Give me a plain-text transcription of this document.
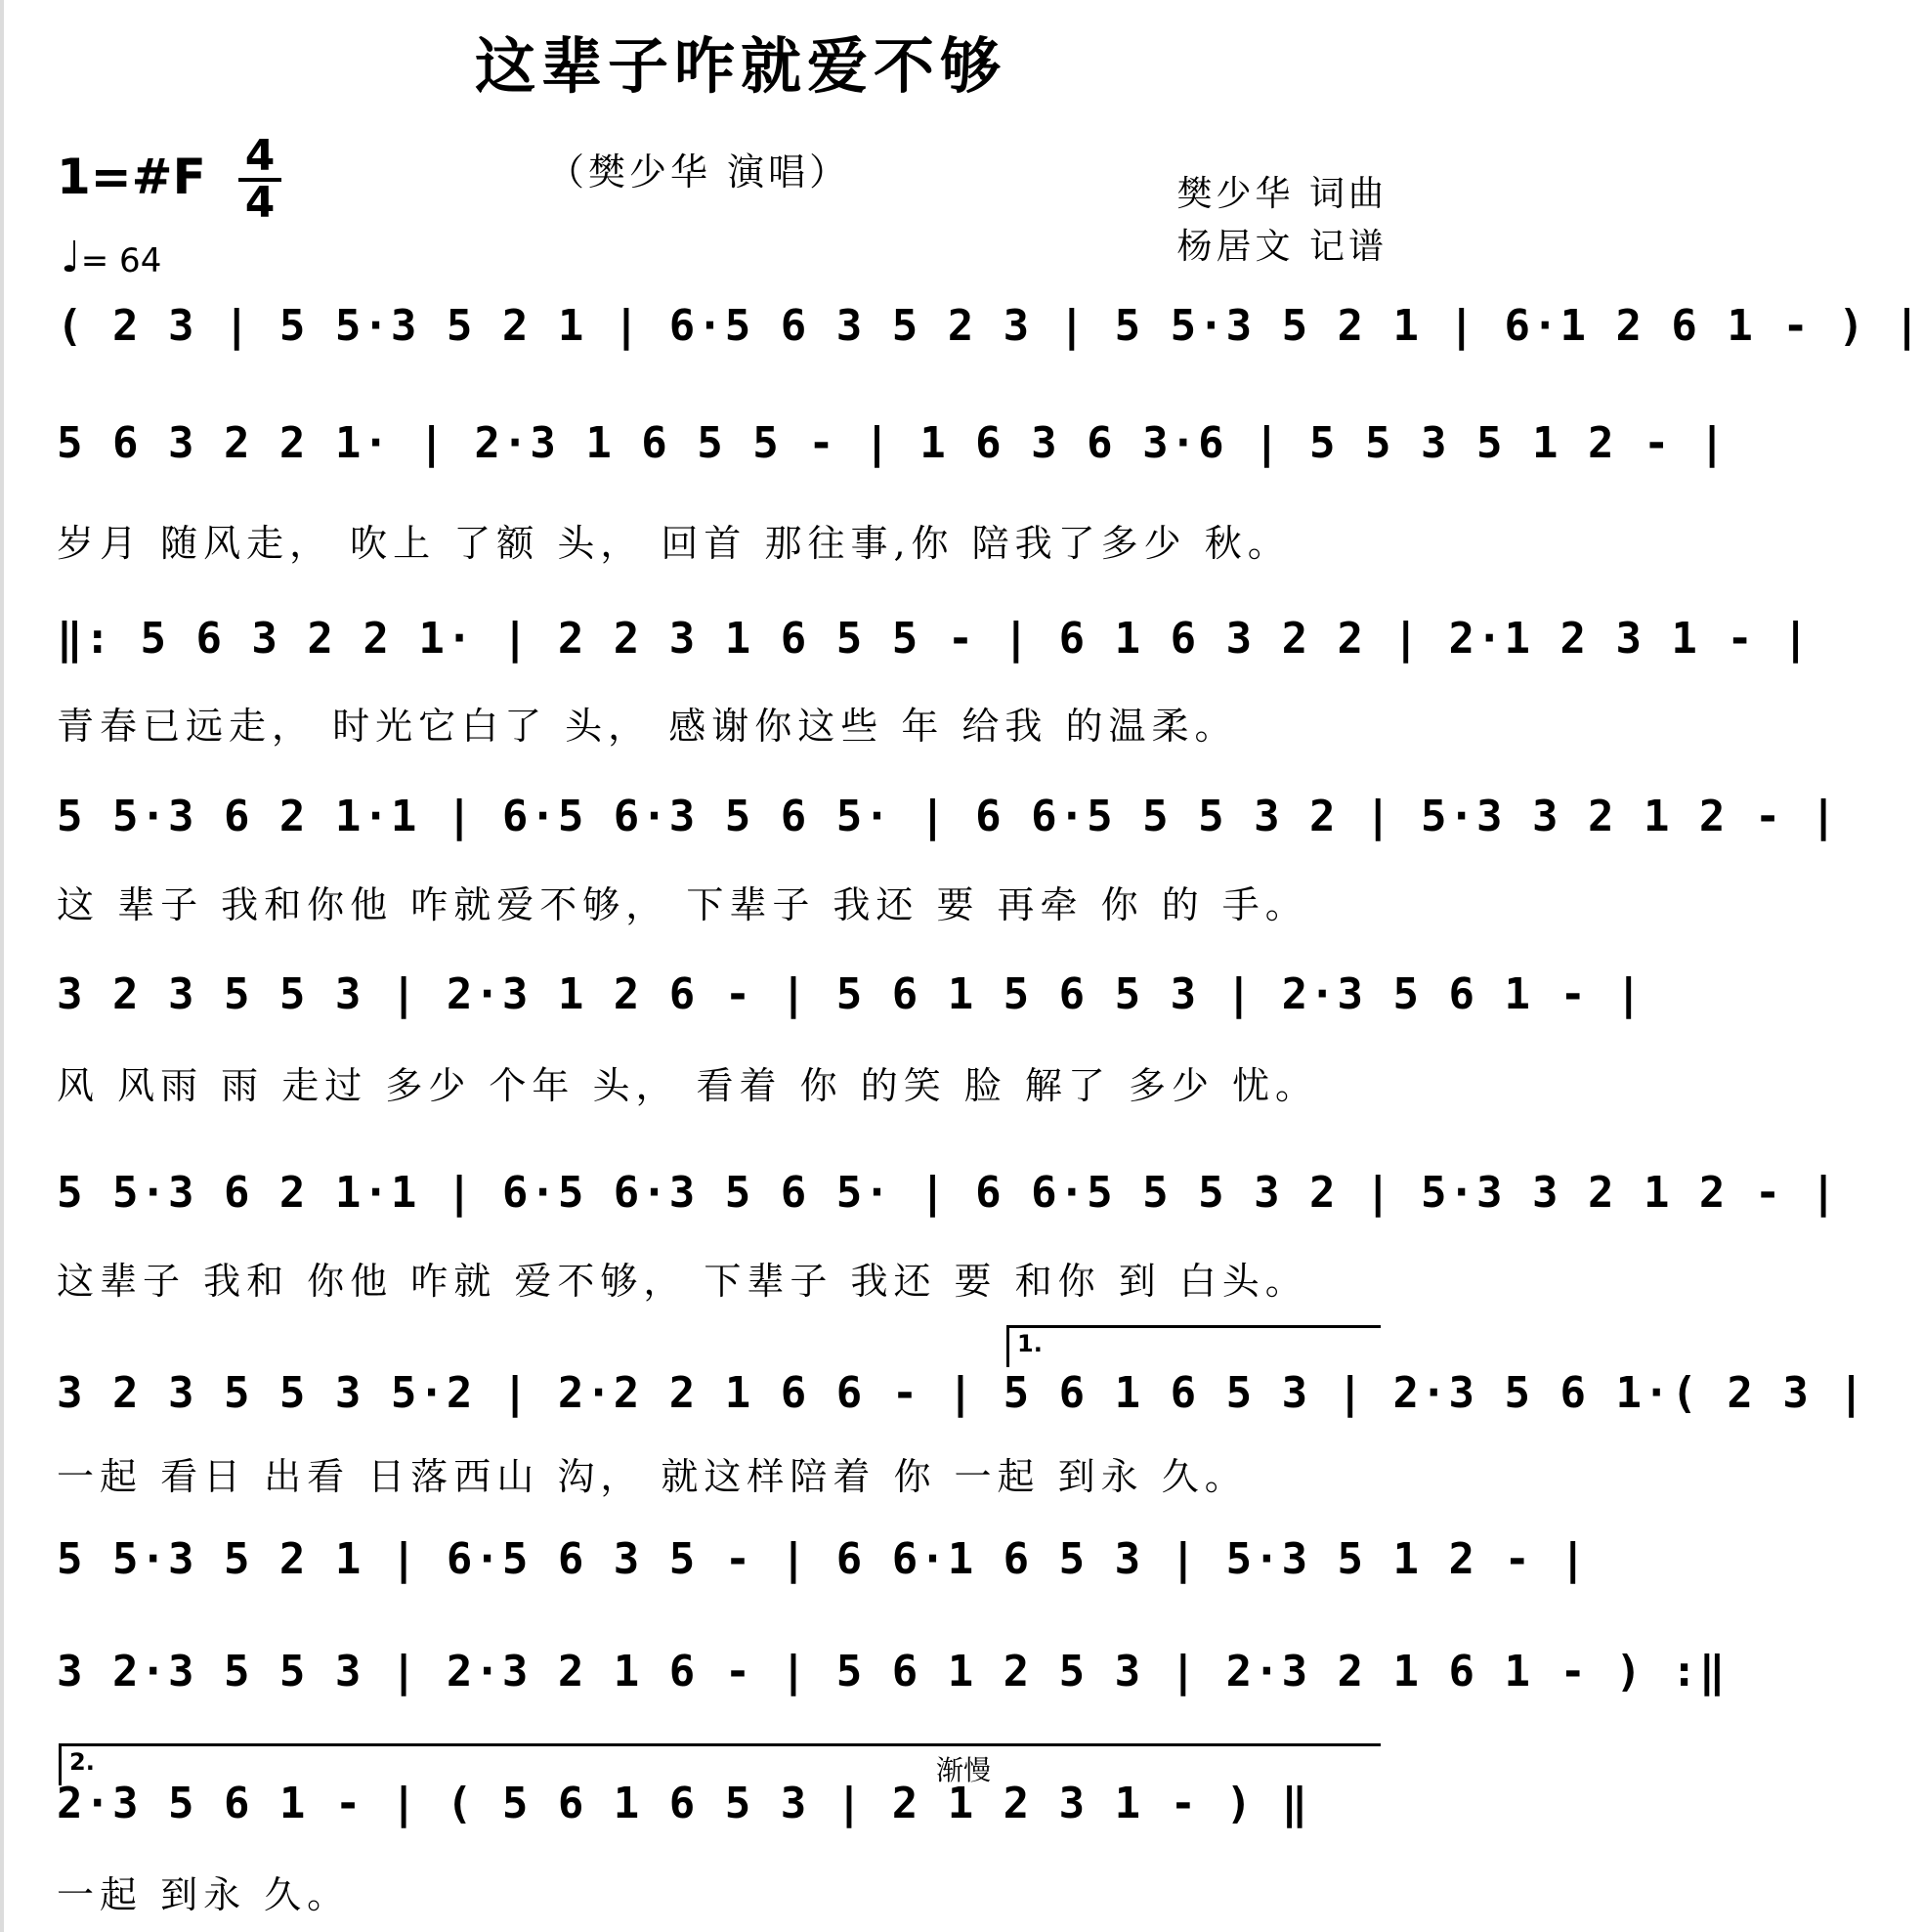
这辈子咋就爱不够
（樊少华 演唱）
樊少华 词曲
杨居文 记谱
1=#F 4
4
♩= 64
( 2 3 | 5 5·3 5 2 1 | 6·5 6 3 5 2 3 | 5 5·3 5 2 1 | 6·1 2 6 1 - ) |
5 6 3 2 2 1· | 2·3 1 6 5 5 - | 1 6 3 6 3·6 | 5 5 3 5 1 2 - |
岁月 随风走， 吹上 了额 头， 回首 那往事,你 陪我了多少 秋。
‖: 5 6 3 2 2 1· | 2 2 3 1 6 5 5 - | 6 1 6 3 2 2 | 2·1 2 3 1 - |
青春已远走， 时光它白了 头， 感谢你这些 年 给我 的温柔。
5 5·3 6 2 1·1 | 6·5 6·3 5 6 5· | 6 6·5 5 5 3 2 | 5·3 3 2 1 2 - |
这 辈子 我和你他 咋就爱不够， 下辈子 我还 要 再牵 你 的 手。
3 2 3 5 5 3 | 2·3 1 2 6 - | 5 6 1 5 6 5 3 | 2·3 5 6 1 - |
风 风雨 雨 走过 多少 个年 头， 看着 你 的笑 脸 解了 多少 忧。
5 5·3 6 2 1·1 | 6·5 6·3 5 6 5· | 6 6·5 5 5 3 2 | 5·3 3 2 1 2 - |
这辈子 我和 你他 咋就 爱不够， 下辈子 我还 要 和你 到 白头。
3 2 3 5 5 3 5·2 | 2·2 2 1 6 6 - | 5 6 1 6 5 3 | 2·3 5 6 1·( 2 3 |
一起 看日 出看 日落西山 沟， 就这样陪着 你 一起 到永 久。
5 5·3 5 2 1 | 6·5 6 3 5 - | 6 6·1 6 5 3 | 5·3 5 1 2 - |
3 2·3 5 5 3 | 2·3 2 1 6 - | 5 6 1 2 5 3 | 2·3 2 1 6 1 - ) :‖
2·3 5 6 1 - | ( 5 6 1 6 5 3 | 2 1 2 3 1 - ) ‖
一起 到永 久。
1.
2.	渐慢
